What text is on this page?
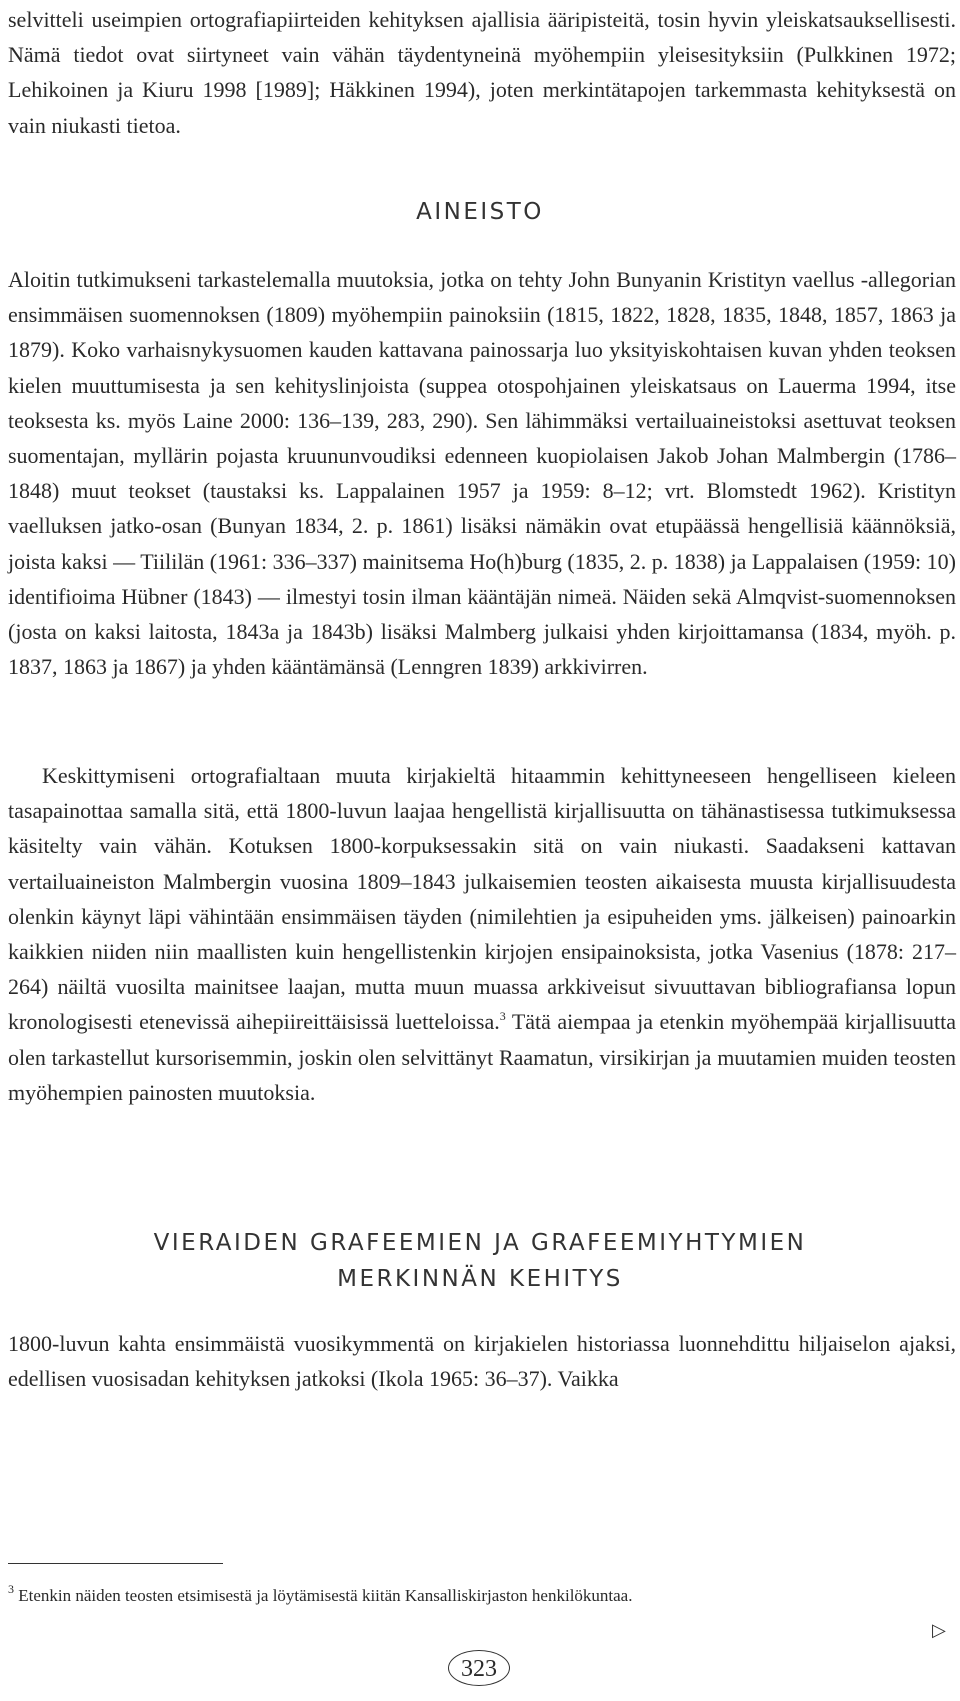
selvitteli useimpien ortografiapiirteiden kehityksen ajallisia ääripisteitä, tosin hyvin yleiskatsauksellisesti. Nämä tiedot ovat siirtyneet vain vähän täydentyneinä myöhempiin yleisesityksiin (Pulkkinen 1972; Lehikoinen ja Kiuru 1998 [1989]; Häkkinen 1994), joten merkintätapojen tarkemmasta kehityksestä on vain niukasti tietoa.

AINEISTO

Aloitin tutkimukseni tarkastelemalla muutoksia, jotka on tehty John Bunyanin Kristityn vaellus -allegorian ensimmäisen suomennoksen (1809) myöhempiin painoksiin (1815, 1822, 1828, 1835, 1848, 1857, 1863 ja 1879). Koko varhaisnykysuomen kauden kattavana painossarja luo yksityiskohtaisen kuvan yhden teoksen kielen muuttumisesta ja sen kehityslinjoista (suppea otospohjainen yleiskatsaus on Lauerma 1994, itse teoksesta ks. myös Laine 2000: 136–139, 283, 290). Sen lähimmäksi vertailuaineistoksi asettuvat teoksen suomentajan, myllärin pojasta kruununvoudiksi edenneen kuopiolaisen Jakob Johan Malmbergin (1786–1848) muut teokset (taustaksi ks. Lappalainen 1957 ja 1959: 8–12; vrt. Blomstedt 1962). Kristityn vaelluksen jatko-osan (Bunyan 1834, 2. p. 1861) lisäksi nämäkin ovat etupäässä hengellisiä käännöksiä, joista kaksi — Tiililän (1961: 336–337) mainitsema Ho(h)burg (1835, 2. p. 1838) ja Lappalaisen (1959: 10) identifioima Hübner (1843) — ilmestyi tosin ilman kääntäjän nimeä. Näiden sekä Almqvist-suomennoksen (josta on kaksi laitosta, 1843a ja 1843b) lisäksi Malmberg julkaisi yhden kirjoittamansa (1834, myöh. p. 1837, 1863 ja 1867) ja yhden kääntämänsä (Lenngren 1839) arkkivirren.

Keskittymiseni ortografialtaan muuta kirjakieltä hitaammin kehittyneeseen hengelliseen kieleen tasapainottaa samalla sitä, että 1800-luvun laajaa hengellistä kirjallisuutta on tähänastisessa tutkimuksessa käsitelty vain vähän. Kotuksen 1800-korpuksessakin sitä on vain niukasti. Saadakseni kattavan vertailuaineiston Malmbergin vuosina 1809–1843 julkaisemien teosten aikaisesta muusta kirjallisuudesta olenkin käynyt läpi vähintään ensimmäisen täyden (nimilehtien ja esipuheiden yms. jälkeisen) painoarkin kaikkien niiden niin maallisten kuin hengellistenkin kirjojen ensipainoksista, jotka Vasenius (1878: 217–264) näiltä vuosilta mainitsee laajan, mutta muun muassa arkkiveisut sivuuttavan bibliografiansa lopun kronologisesti etenevissä aihepiireittäisissä luetteloissa.$^3$ Tätä aiempaa ja etenkin myöhempää kirjallisuutta olen tarkastellut kursorisemmin, joskin olen selvittänyt Raamatun, virsikirjan ja muutamien muiden teosten myöhempien painosten muutoksia.

VIERAIDEN GRAFEEMIEN JA GRAFEEMIYHTYMIEN MERKINNÄN KEHITYS

1800-luvun kahta ensimmäistä vuosikymmentä on kirjakielen historiassa luonnehdittu hiljaiselon ajaksi, edellisen vuosisadan kehityksen jatkoksi (Ikola 1965: 36–37). Vaikka

$^3$ Etenkin näiden teosten etsimisestä ja löytämisestä kiitän Kansalliskirjaston henkilökuntaa.

▷
323
